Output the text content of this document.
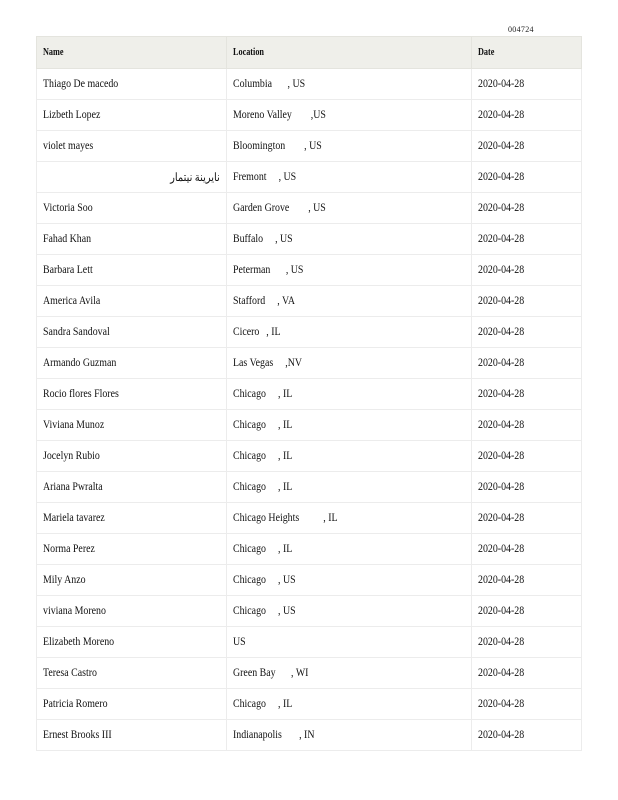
004724
Name	Location	Date
Thiago De macedo	Columbia , US	2020-04-28
Lizbeth Lopez	Moreno Valley ,US	2020-04-28
violet mayes	Bloomington , US	2020-04-28
نايرينة نيتمار	Fremont , US	2020-04-28
Victoria Soo	Garden Grove , US	2020-04-28
Fahad Khan	Buffalo , US	2020-04-28
Barbara Lett	Peterman , US	2020-04-28
America Avila	Stafford , VA	2020-04-28
Sandra Sandoval	Cicero , IL	2020-04-28
Armando Guzman	Las Vegas ,NV	2020-04-28
Rocio flores Flores	Chicago , IL	2020-04-28
Viviana Munoz	Chicago , IL	2020-04-28
Jocelyn Rubio	Chicago , IL	2020-04-28
Ariana Pwralta	Chicago , IL	2020-04-28
Mariela tavarez	Chicago Heights , IL	2020-04-28
Norma Perez	Chicago , IL	2020-04-28
Mily Anzo	Chicago , US	2020-04-28
viviana Moreno	Chicago , US	2020-04-28
Elizabeth Moreno	US	2020-04-28
Teresa Castro	Green Bay , WI	2020-04-28
Patricia Romero	Chicago , IL	2020-04-28
Ernest Brooks III	Indianapolis , IN	2020-04-28
